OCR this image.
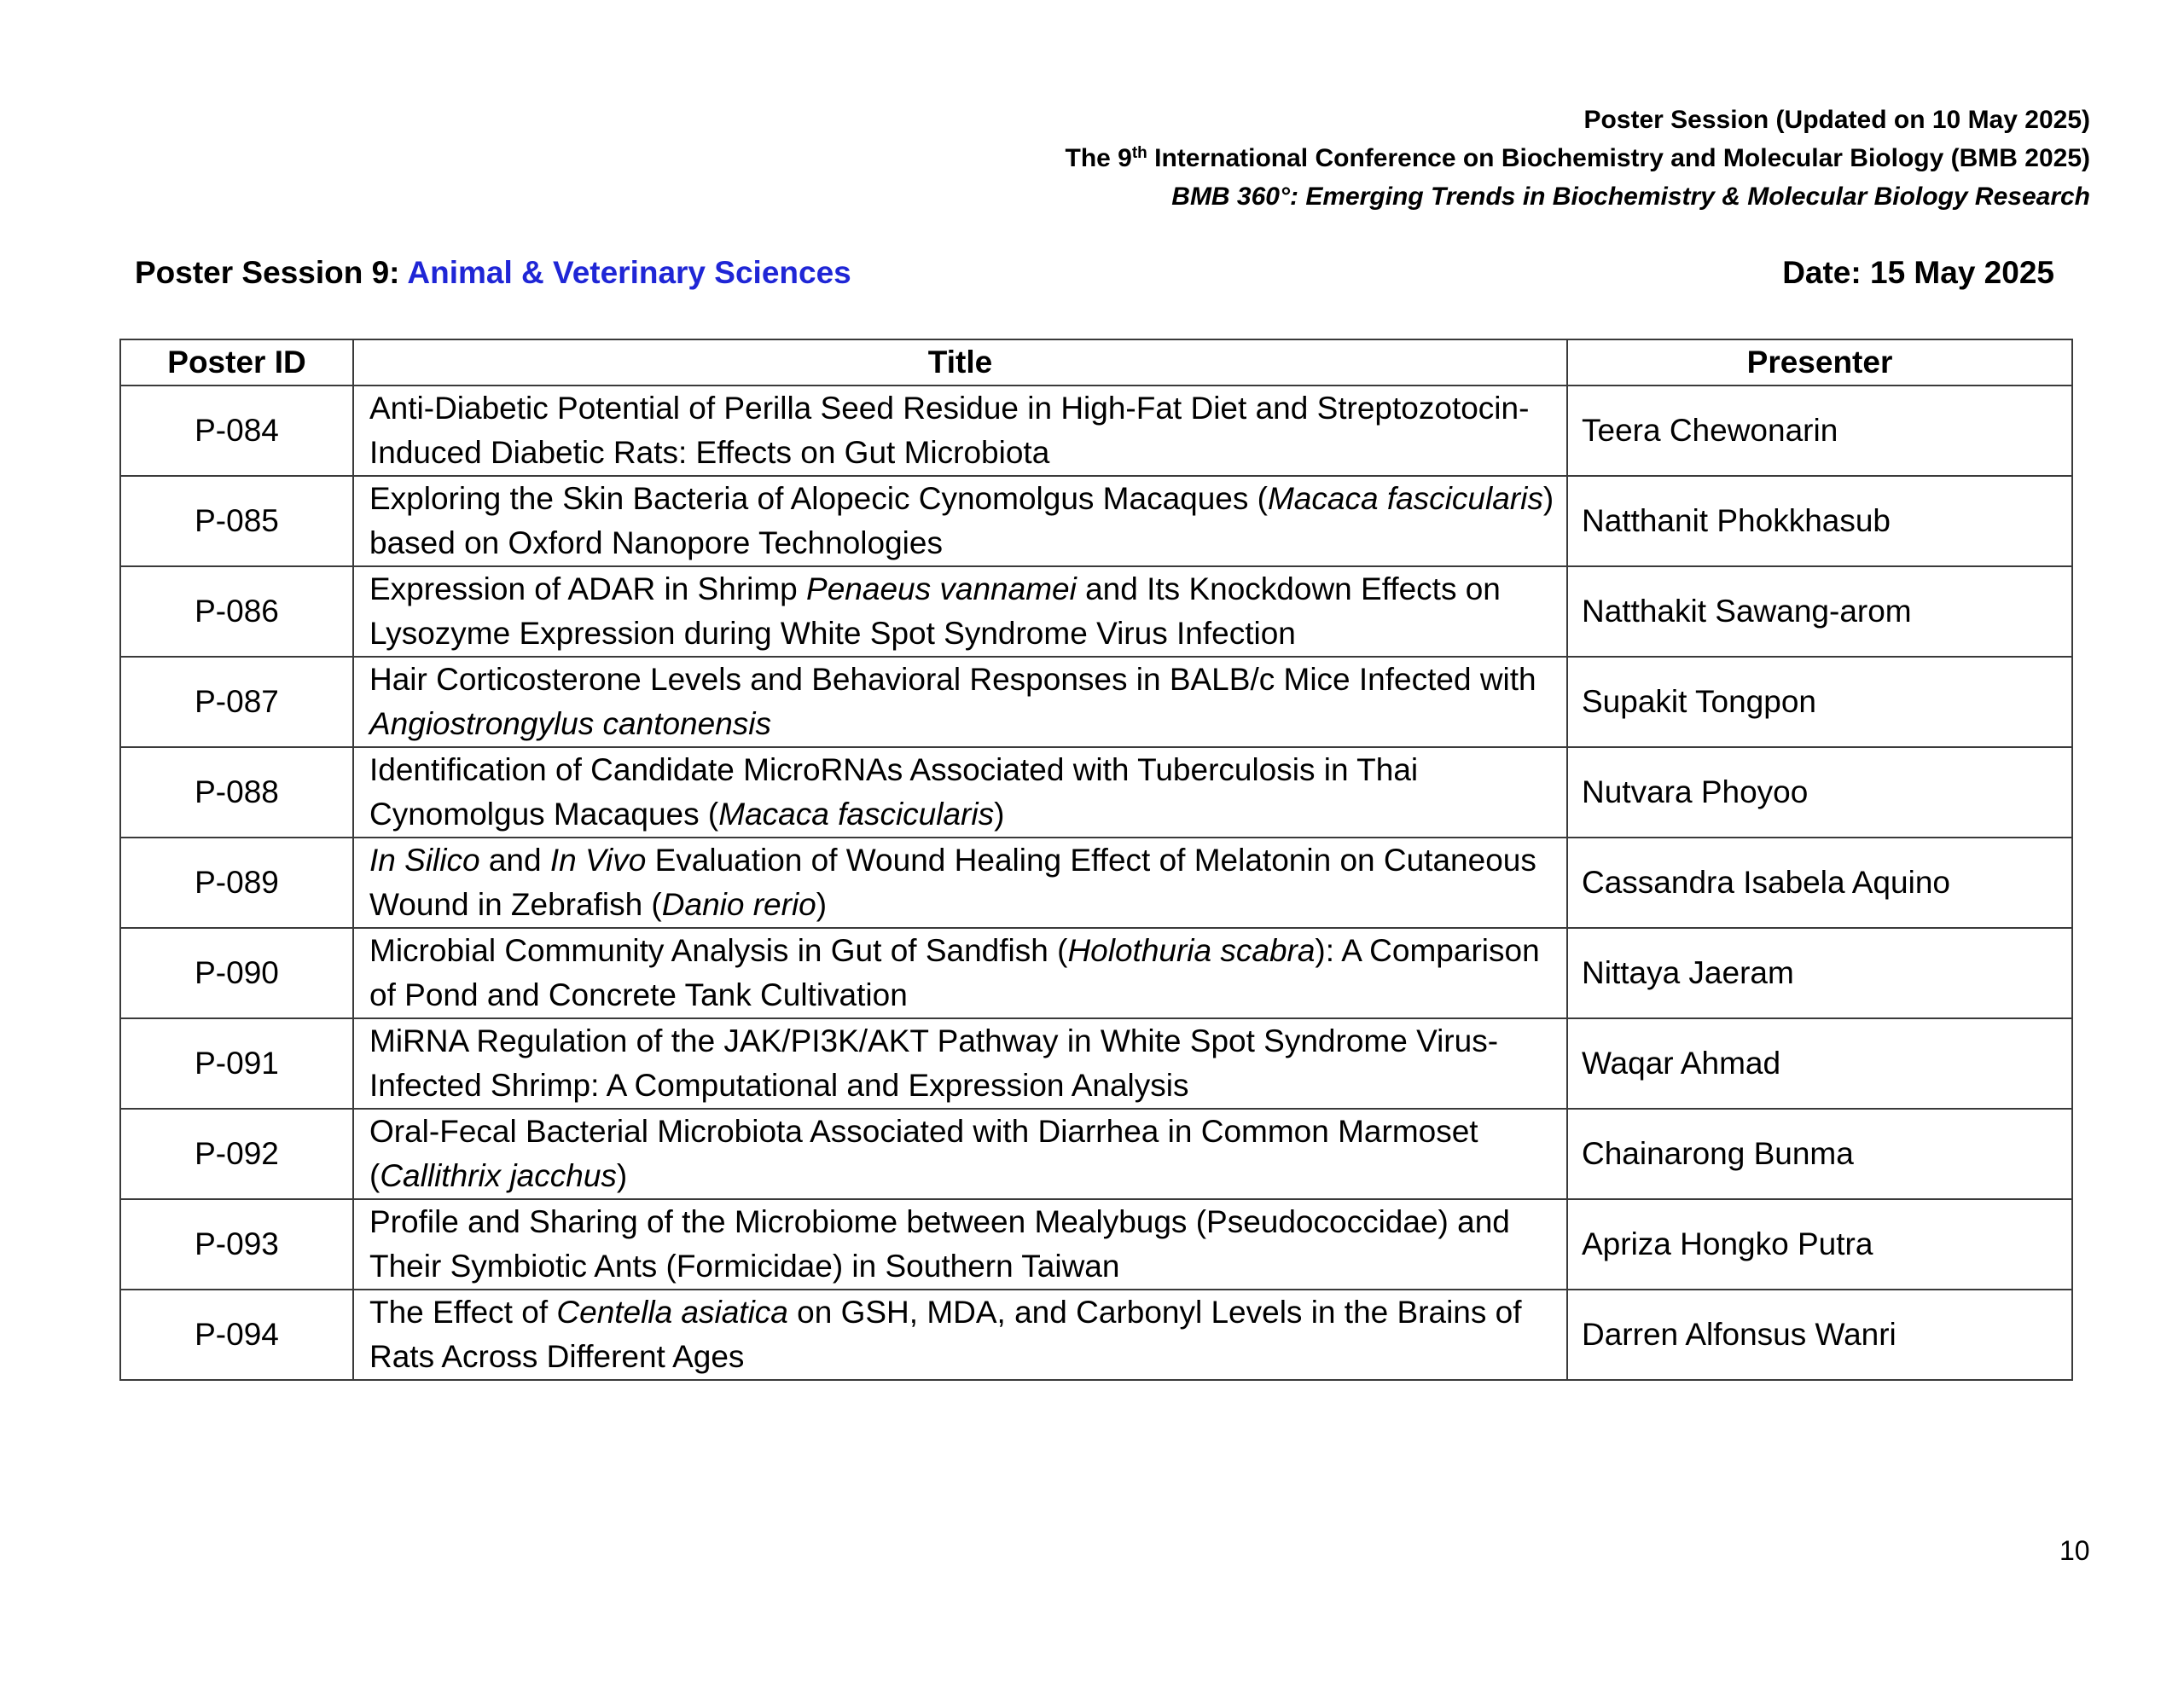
Poster Session (Updated on 10 May 2025)
The 9th International Conference on Biochemistry and Molecular Biology (BMB 2025)
BMB 360°: Emerging Trends in Biochemistry & Molecular Biology Research
Poster Session 9: Animal & Veterinary Sciences	Date: 15 May 2025
Poster ID	Title	Presenter
P-084	Anti-Diabetic Potential of Perilla Seed Residue in High-Fat Diet and Streptozotocin-Induced Diabetic Rats: Effects on Gut Microbiota	Teera Chewonarin
P-085	Exploring the Skin Bacteria of Alopecic Cynomolgus Macaques (Macaca fascicularis) based on Oxford Nanopore Technologies	Natthanit Phokkhasub
P-086	Expression of ADAR in Shrimp Penaeus vannamei and Its Knockdown Effects on Lysozyme Expression during White Spot Syndrome Virus Infection	Natthakit Sawang-arom
P-087	Hair Corticosterone Levels and Behavioral Responses in BALB/c Mice Infected with Angiostrongylus cantonensis	Supakit Tongpon
P-088	Identification of Candidate MicroRNAs Associated with Tuberculosis in Thai Cynomolgus Macaques (Macaca fascicularis)	Nutvara Phoyoo
P-089	In Silico and In Vivo Evaluation of Wound Healing Effect of Melatonin on Cutaneous Wound in Zebrafish (Danio rerio)	Cassandra Isabela Aquino
P-090	Microbial Community Analysis in Gut of Sandfish (Holothuria scabra): A Comparison of Pond and Concrete Tank Cultivation	Nittaya Jaeram
P-091	MiRNA Regulation of the JAK/PI3K/AKT Pathway in White Spot Syndrome Virus-Infected Shrimp: A Computational and Expression Analysis	Waqar Ahmad
P-092	Oral-Fecal Bacterial Microbiota Associated with Diarrhea in Common Marmoset (Callithrix jacchus)	Chainarong Bunma
P-093	Profile and Sharing of the Microbiome between Mealybugs (Pseudococcidae) and Their Symbiotic Ants (Formicidae) in Southern Taiwan	Apriza Hongko Putra
P-094	The Effect of Centella asiatica on GSH, MDA, and Carbonyl Levels in the Brains of Rats Across Different Ages	Darren Alfonsus Wanri
10
